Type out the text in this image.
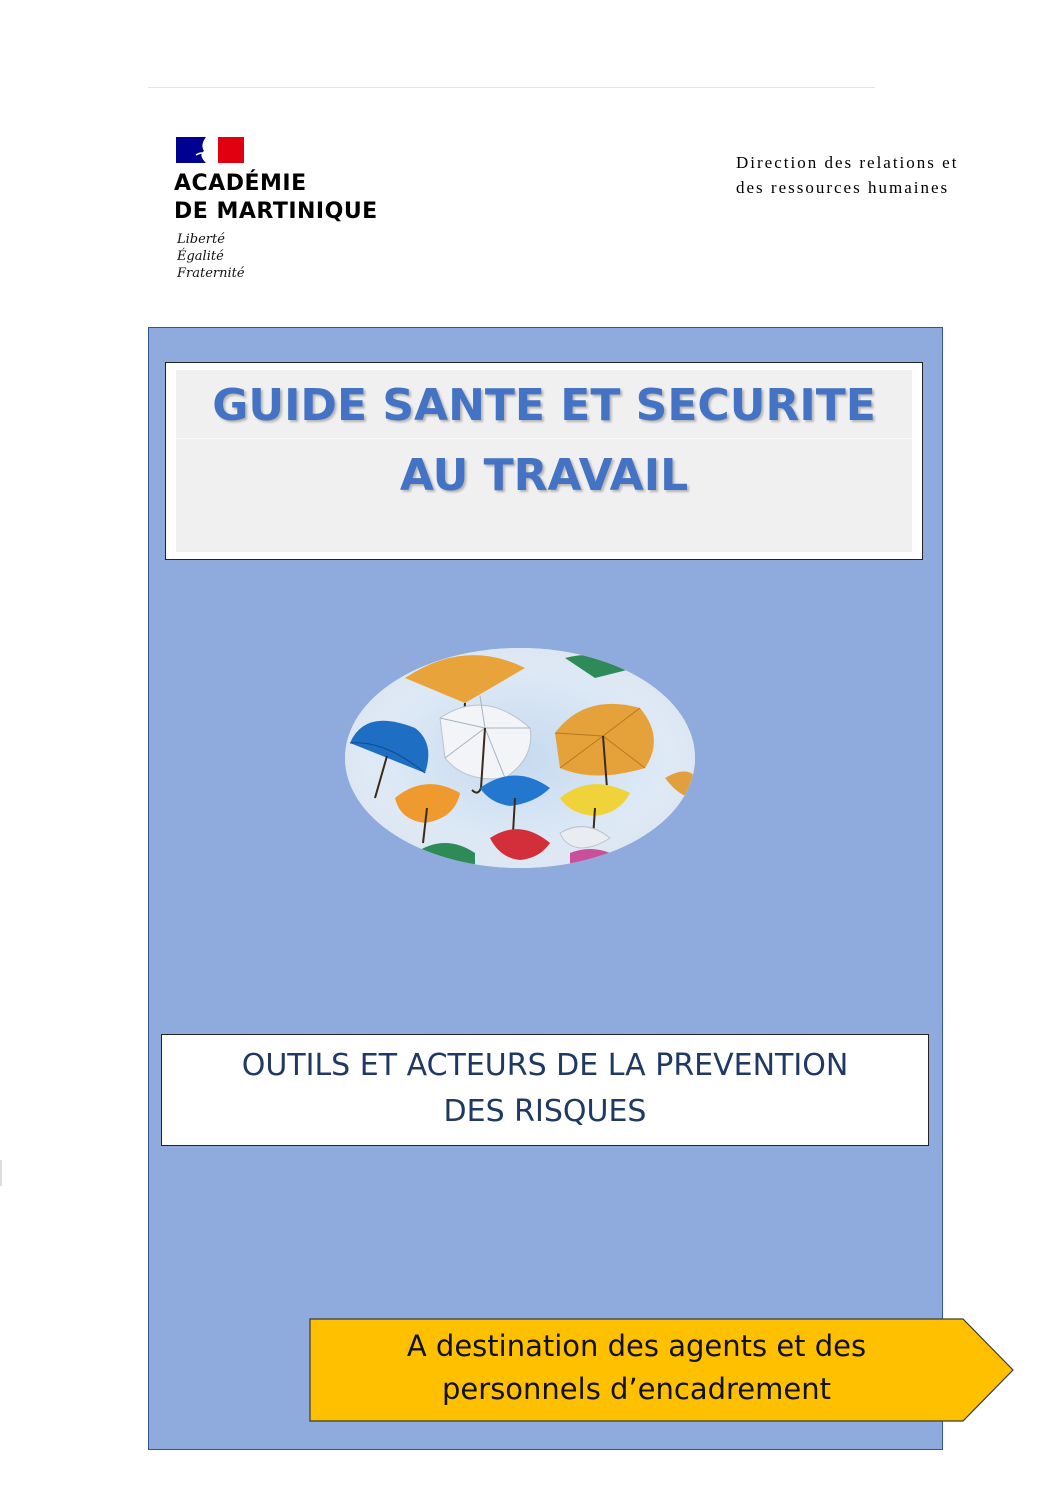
ACADÉMIE
DE MARTINIQUE
Liberté
Égalité
Fraternité
Direction des relations et
des ressources humaines
GUIDE SANTE ET SECURITE
AU TRAVAIL
OUTILS ET ACTEURS DE LA PREVENTION
DES RISQUES
A destination des agents et des
personnels d’encadrement
